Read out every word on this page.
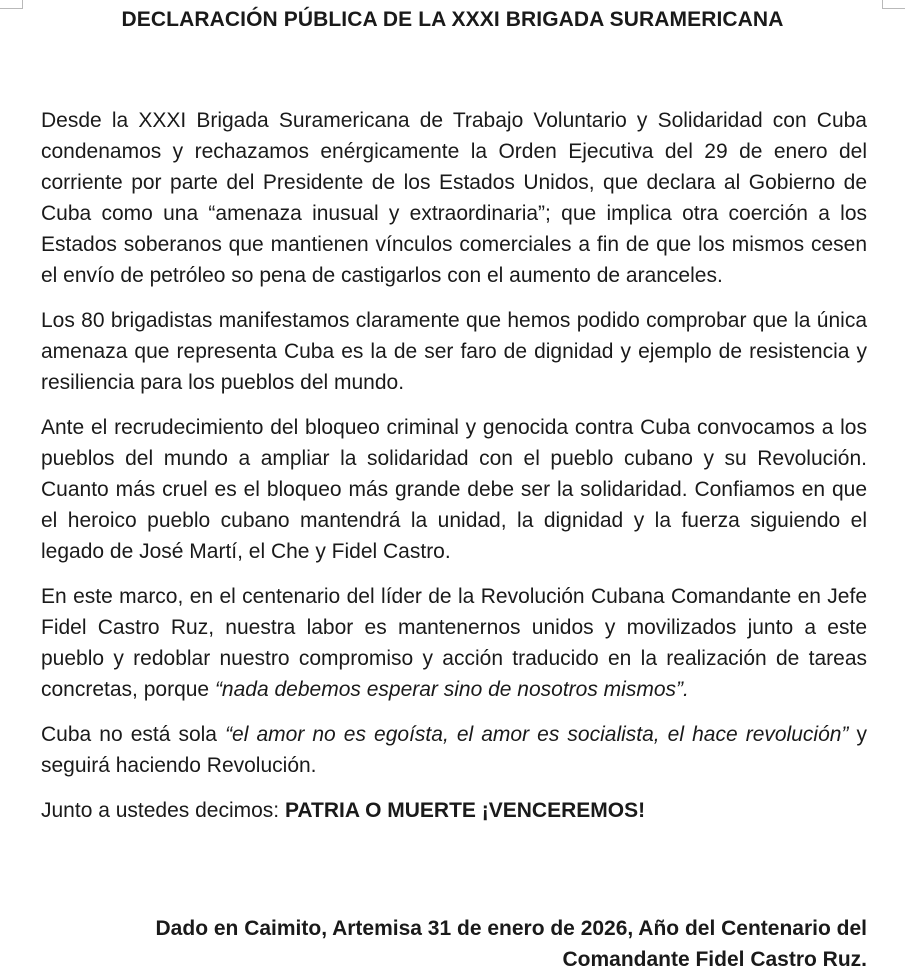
DECLARACIÓN PÚBLICA DE LA XXXI BRIGADA SURAMERICANA

Desde la XXXI Brigada Suramericana de Trabajo Voluntario y Solidaridad con Cuba condenamos y rechazamos enérgicamente la Orden Ejecutiva del 29 de enero del corriente por parte del Presidente de los Estados Unidos, que declara al Gobierno de Cuba como una “amenaza inusual y extraordinaria”; que implica otra coerción a los Estados soberanos que mantienen vínculos comerciales a fin de que los mismos cesen el envío de petróleo so pena de castigarlos con el aumento de aranceles.

Los 80 brigadistas manifestamos claramente que hemos podido comprobar que la única amenaza que representa Cuba es la de ser faro de dignidad y ejemplo de resistencia y resiliencia para los pueblos del mundo.

Ante el recrudecimiento del bloqueo criminal y genocida contra Cuba convocamos a los pueblos del mundo a ampliar la solidaridad con el pueblo cubano y su Revolución. Cuanto más cruel es el bloqueo más grande debe ser la solidaridad. Confiamos en que el heroico pueblo cubano mantendrá la unidad, la dignidad y la fuerza siguiendo el legado de José Martí, el Che y Fidel Castro.

En este marco, en el centenario del líder de la Revolución Cubana Comandante en Jefe Fidel Castro Ruz, nuestra labor es mantenernos unidos y movilizados junto a este pueblo y redoblar nuestro compromiso y acción traducido en la realización de tareas concretas, porque “nada debemos esperar sino de nosotros mismos”.

Cuba no está sola “el amor no es egoísta, el amor es socialista, el hace revolución” y seguirá haciendo Revolución.

Junto a ustedes decimos: PATRIA O MUERTE ¡VENCEREMOS!

Dado en Caimito, Artemisa 31 de enero de 2026, Año del Centenario del
Comandante Fidel Castro Ruz.
